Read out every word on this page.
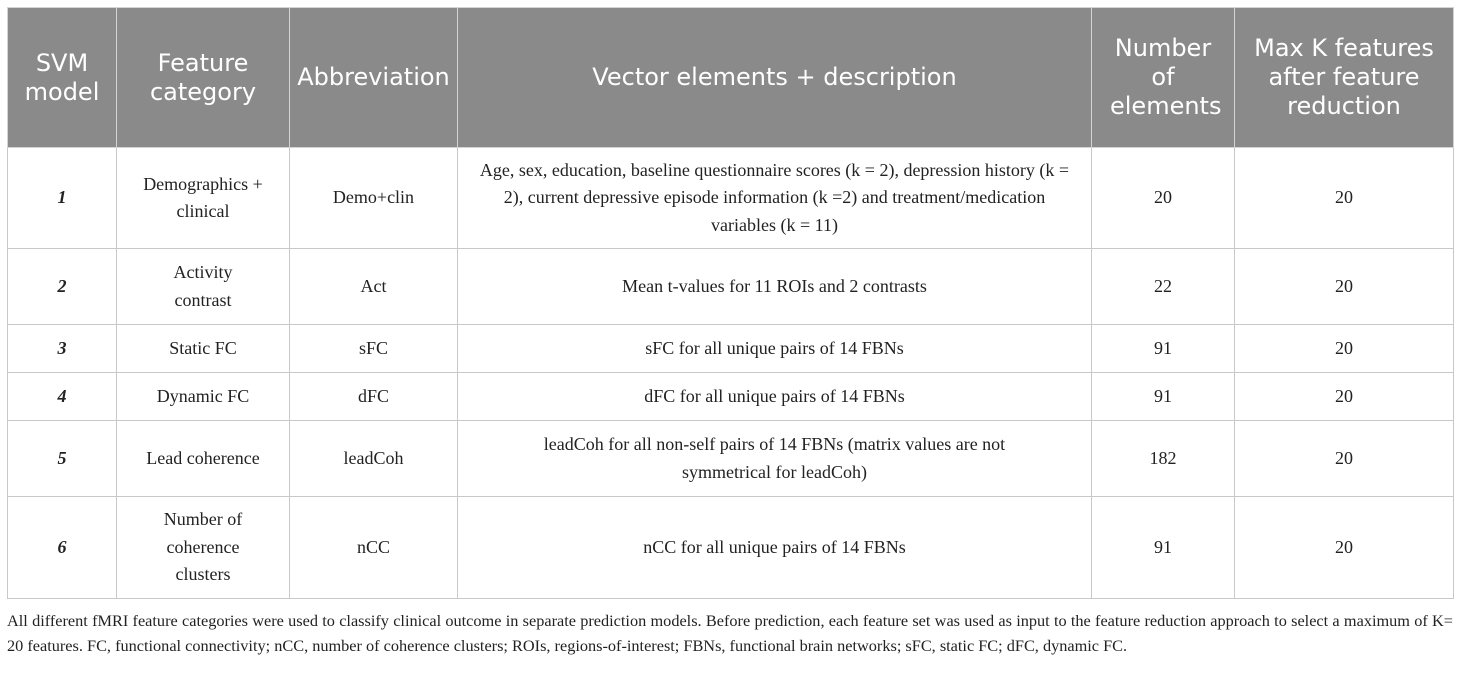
SVM model	Feature category	Abbreviation	Vector elements + description	Number of elements	Max K features after feature reduction
1	Demographics + clinical	Demo+clin	Age, sex, education, baseline questionnaire scores (k = 2), depression history (k = 2), current depressive episode information (k =2) and treatment/medication variables (k = 11)	20	20
2	Activity contrast	Act	Mean t-values for 11 ROIs and 2 contrasts	22	20
3	Static FC	sFC	sFC for all unique pairs of 14 FBNs	91	20
4	Dynamic FC	dFC	dFC for all unique pairs of 14 FBNs	91	20
5	Lead coherence	leadCoh	leadCoh for all non-self pairs of 14 FBNs (matrix values are not symmetrical for leadCoh)	182	20
6	Number of coherence clusters	nCC	nCC for all unique pairs of 14 FBNs	91	20

All different fMRI feature categories were used to classify clinical outcome in separate prediction models. Before prediction, each feature set was used as input to the feature reduction approach to select a maximum of K= 20 features. FC, functional connectivity; nCC, number of coherence clusters; ROIs, regions-of-interest; FBNs, functional brain networks; sFC, static FC; dFC, dynamic FC.
